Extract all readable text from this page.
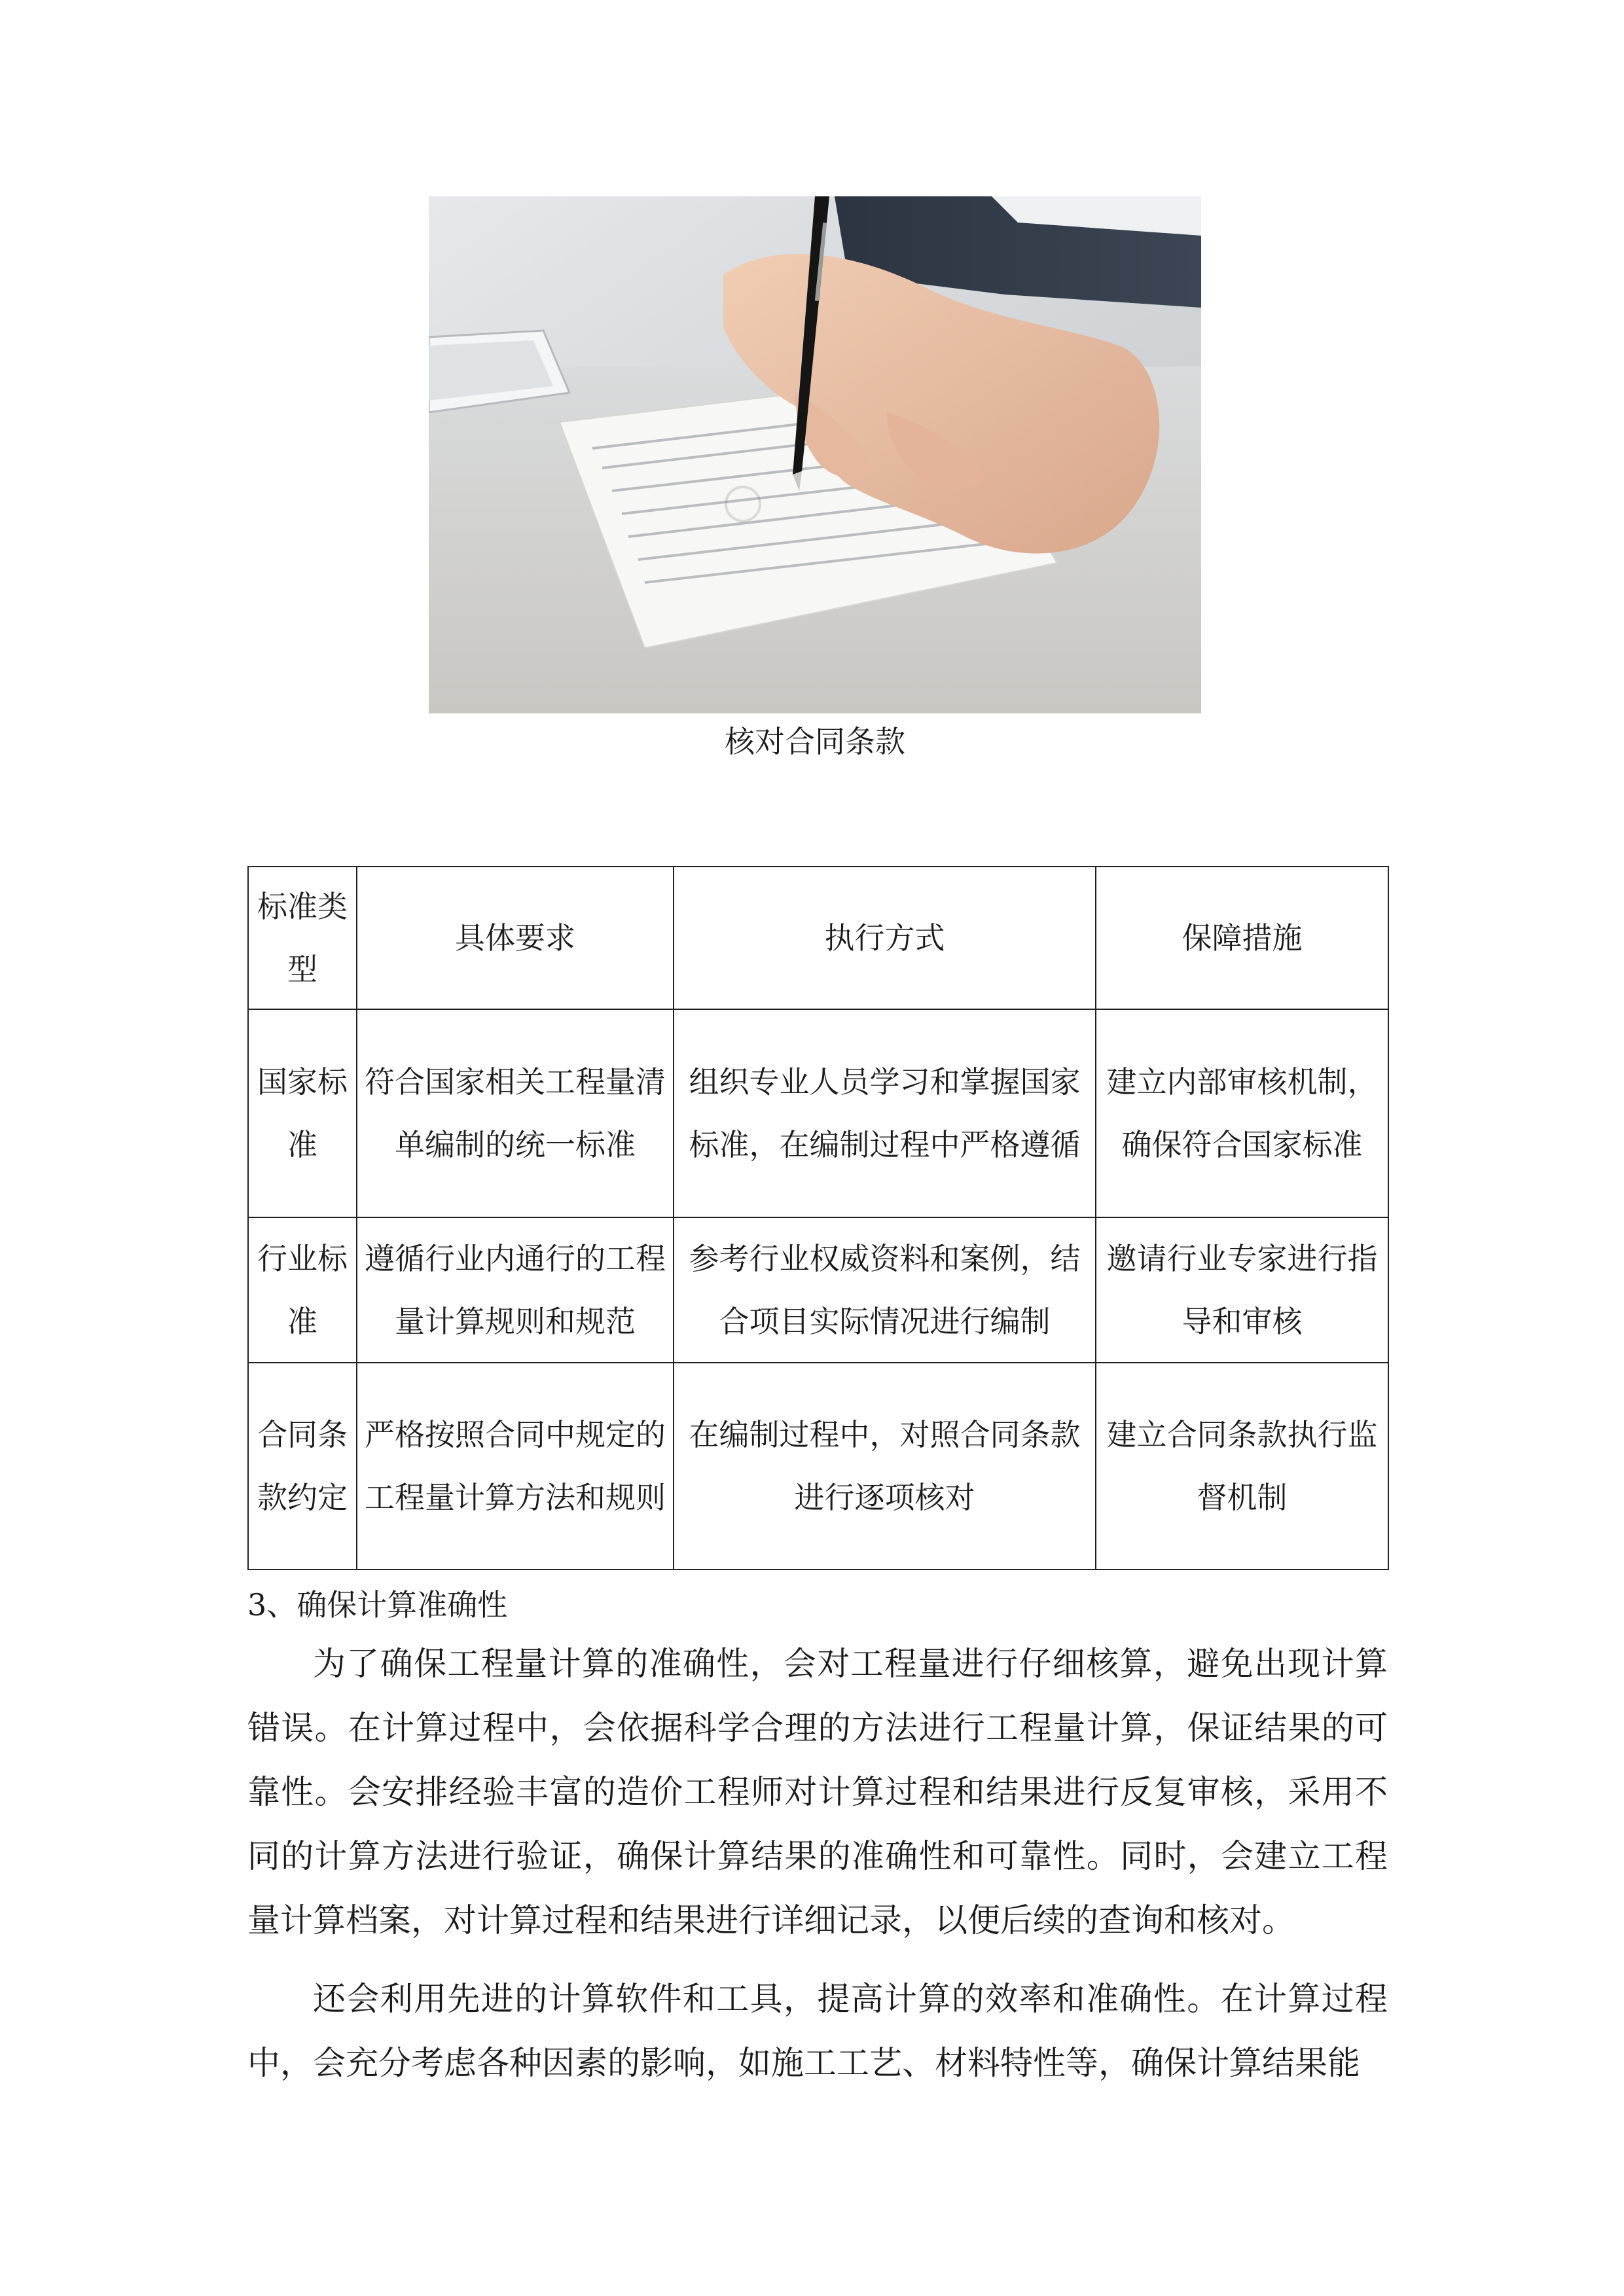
核对合同条款
标准类型	具体要求	执行方式	保障措施
国家标准	符合国家相关工程量清单编制的统一标准	组织专业人员学习和掌握国家标准，在编制过程中严格遵循	建立内部审核机制，确保符合国家标准
行业标准	遵循行业内通行的工程量计算规则和规范	参考行业权威资料和案例，结合项目实际情况进行编制	邀请行业专家进行指导和审核
合同条款约定	严格按照合同中规定的工程量计算方法和规则	在编制过程中，对照合同条款进行逐项核对	建立合同条款执行监督机制
3、确保计算准确性

为了确保工程量计算的准确性，会对工程量进行仔细核算，避免出现计算错误。在计算过程中，会依据科学合理的方法进行工程量计算，保证结果的可靠性。会安排经验丰富的造价工程师对计算过程和结果进行反复审核，采用不同的计算方法进行验证，确保计算结果的准确性和可靠性。同时，会建立工程量计算档案，对计算过程和结果进行详细记录，以便后续的查询和核对。

还会利用先进的计算软件和工具，提高计算的效率和准确性。在计算过程中，会充分考虑各种因素的影响，如施工工艺、材料特性等，确保计算结果能
